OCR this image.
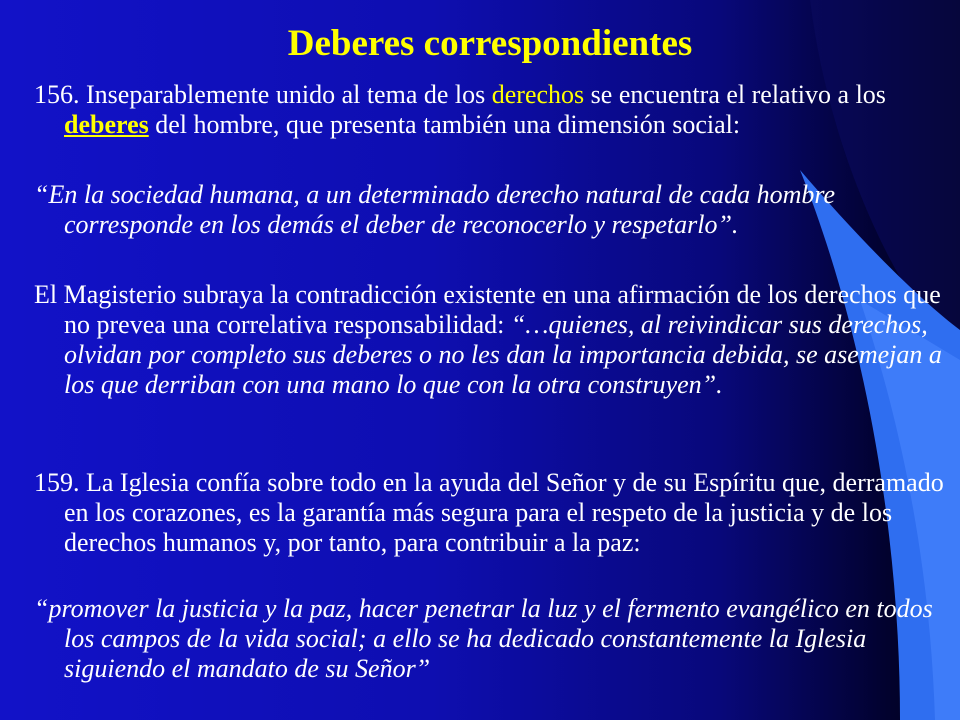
Deberes correspondientes

156. Inseparablemente unido al tema de los derechos se encuentra el relativo a los deberes del hombre, que presenta también una dimensión social:

“En la sociedad humana, a un determinado derecho natural de cada hombre corresponde en los demás el deber de reconocerlo y respetarlo”.

El Magisterio subraya la contradicción existente en una afirmación de los derechos que no prevea una correlativa responsabilidad: “…quienes, al reivindicar sus derechos, olvidan por completo sus deberes o no les dan la importancia debida, se asemejan a los que derriban con una mano lo que con la otra construyen”.

159. La Iglesia confía sobre todo en la ayuda del Señor y de su Espíritu que, derramado en los corazones, es la garantía más segura para el respeto de la justicia y de los derechos humanos y, por tanto, para contribuir a la paz:

“promover la justicia y la paz, hacer penetrar la luz y el fermento evangélico en todos los campos de la vida social; a ello se ha dedicado constantemente la Iglesia siguiendo el mandato de su Señor”
